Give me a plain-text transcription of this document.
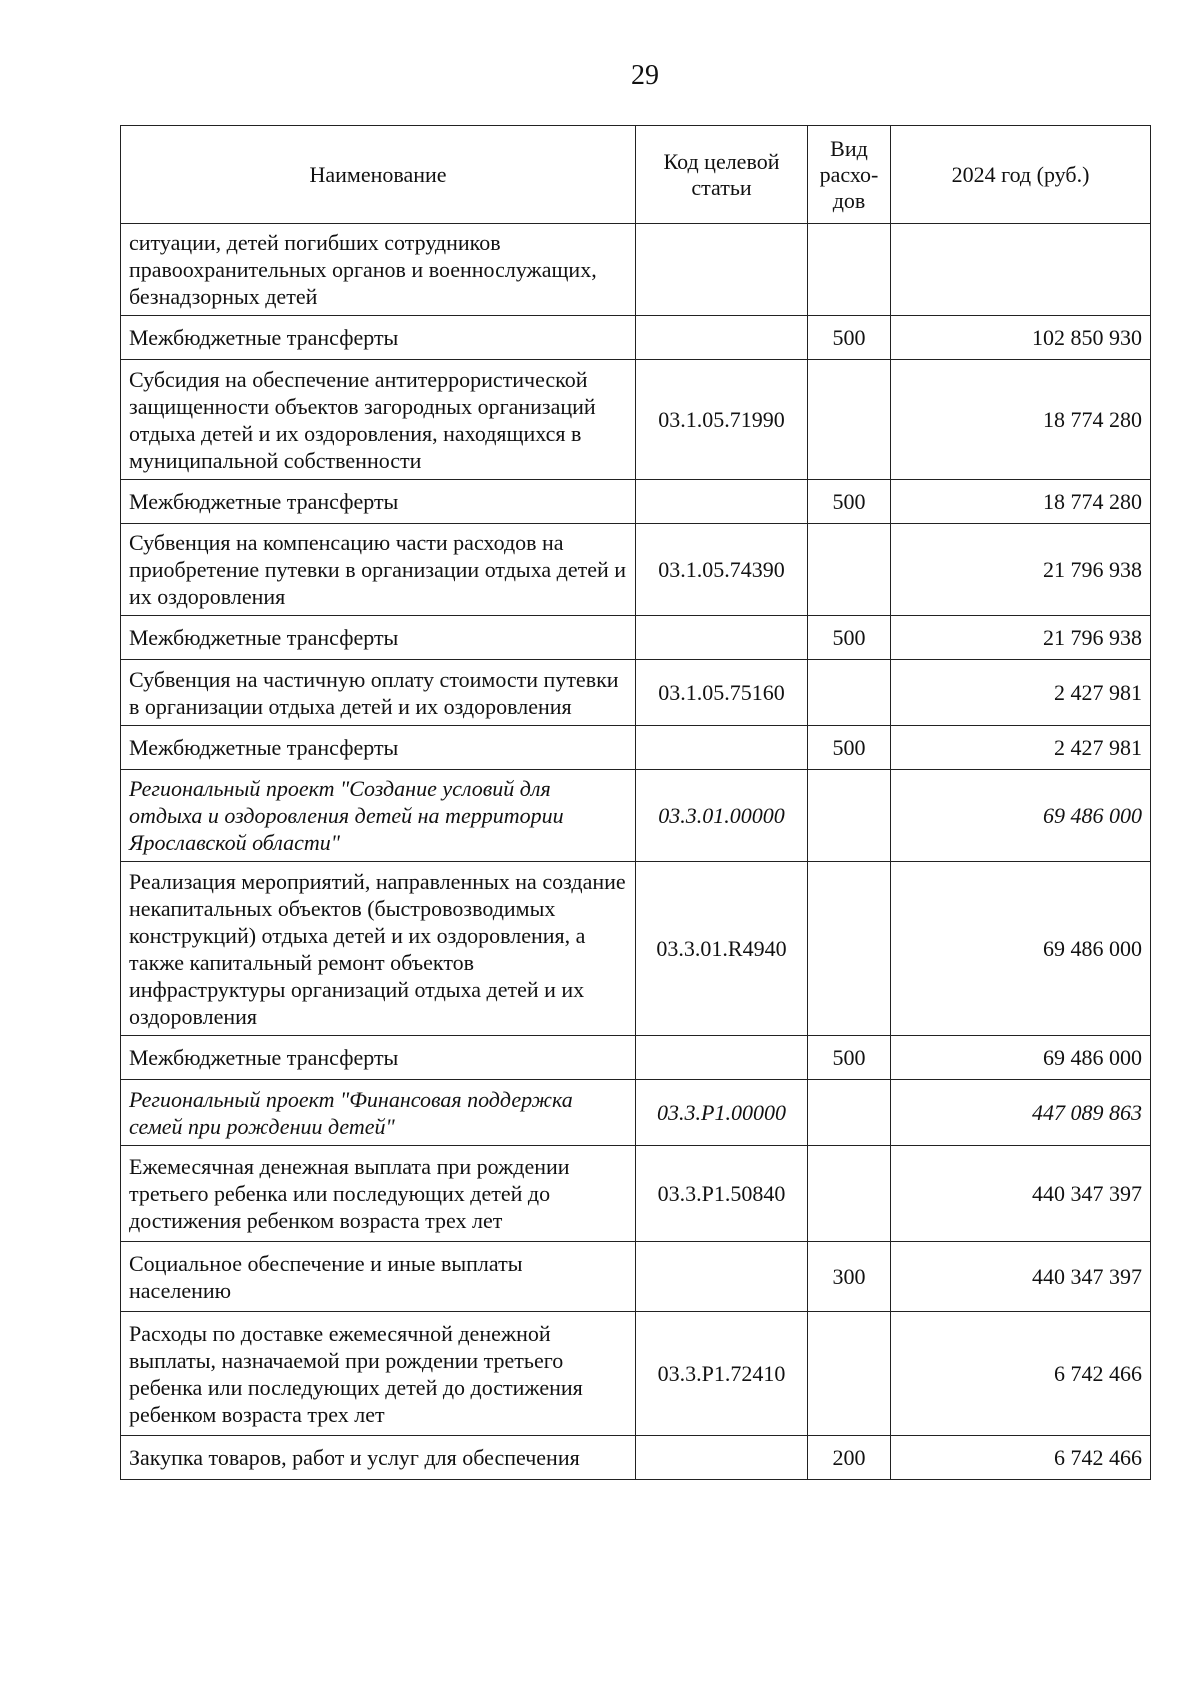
29
Наименование	Код целевой статьи	Вид расхо-дов	2024 год (руб.)
ситуации, детей погибших сотрудников правоохранительных органов и военнослужащих, безнадзорных детей			
Межбюджетные трансферты		500	102 850 930
Субсидия на обеспечение антитеррористической защищенности объектов загородных организаций отдыха детей и их оздоровления, находящихся в муниципальной собственности	03.1.05.71990		18 774 280
Межбюджетные трансферты		500	18 774 280
Субвенция на компенсацию части расходов на приобретение путевки в организации отдыха детей и их оздоровления	03.1.05.74390		21 796 938
Межбюджетные трансферты		500	21 796 938
Субвенция на частичную оплату стоимости путевки в организации отдыха детей и их оздоровления	03.1.05.75160		2 427 981
Межбюджетные трансферты		500	2 427 981
Региональный проект "Создание условий для отдыха и оздоровления детей на территории Ярославской области"	03.3.01.00000		69 486 000
Реализация мероприятий, направленных на создание некапитальных объектов (быстровозводимых конструкций) отдыха детей и их оздоровления, а также капитальный ремонт объектов инфраструктуры организаций отдыха детей и их оздоровления	03.3.01.R4940		69 486 000
Межбюджетные трансферты		500	69 486 000
Региональный проект "Финансовая поддержка семей при рождении детей"	03.3.P1.00000		447 089 863
Ежемесячная денежная выплата при рождении третьего ребенка или последующих детей до достижения ребенком возраста трех лет	03.3.P1.50840		440 347 397
Социальное обеспечение и иные выплаты населению		300	440 347 397
Расходы по доставке ежемесячной денежной выплаты, назначаемой при рождении третьего ребенка или последующих детей до достижения ребенком возраста трех лет	03.3.P1.72410		6 742 466
Закупка товаров, работ и услуг для обеспечения		200	6 742 466
